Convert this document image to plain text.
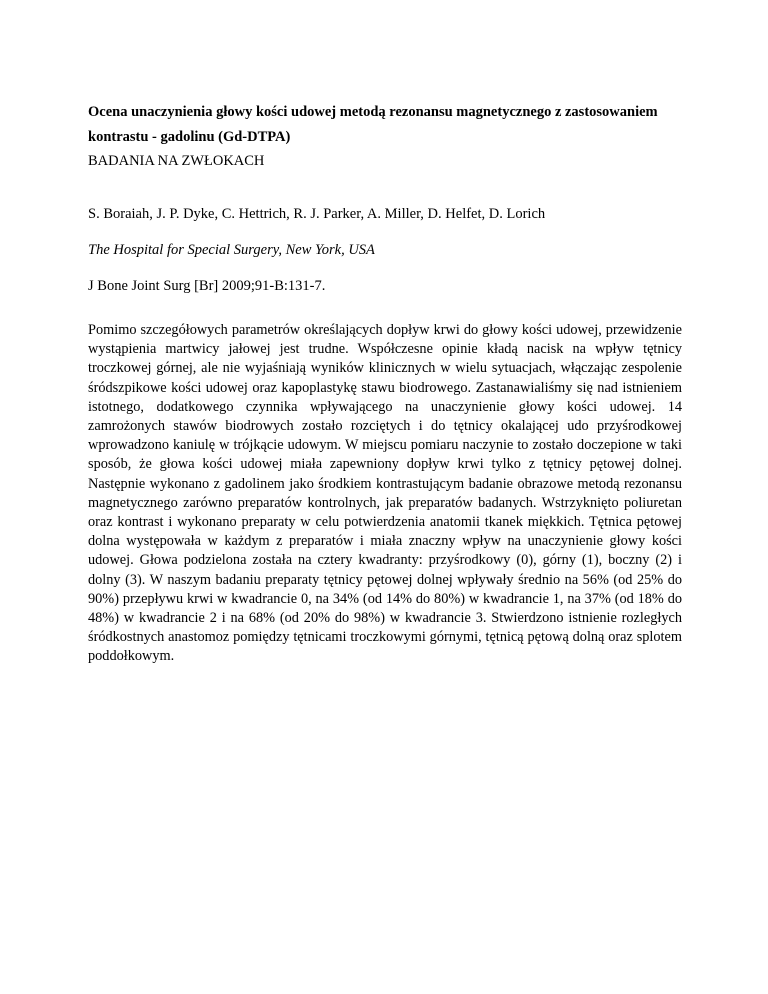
Ocena unaczynienia głowy kości udowej metodą rezonansu magnetycznego z zastosowaniem kontrastu - gadolinu (Gd-DTPA)

BADANIA NA ZWŁOKACH

S. Boraiah, J. P. Dyke, C. Hettrich, R. J. Parker, A. Miller, D. Helfet, D. Lorich

The Hospital for Special Surgery, New York, USA

J Bone Joint Surg [Br] 2009;91-B:131-7.

Pomimo szczegółowych parametrów określających dopływ krwi do głowy kości udowej, przewidzenie wystąpienia martwicy jałowej jest trudne. Współczesne opinie kładą nacisk na wpływ tętnicy troczkowej górnej, ale nie wyjaśniają wyników klinicznych w wielu sytuacjach, włączając zespolenie śródszpikowe kości udowej oraz kapoplastykę stawu biodrowego. Zastanawialiśmy się nad istnieniem istotnego, dodatkowego czynnika wpływającego na unaczynienie głowy kości udowej. 14 zamrożonych stawów biodrowych zostało rozciętych i do tętnicy okalającej udo przyśrodkowej wprowadzono kaniulę w trójkącie udowym. W miejscu pomiaru naczynie to zostało doczepione w taki sposób, że głowa kości udowej miała zapewniony dopływ krwi tylko z tętnicy pętowej dolnej. Następnie wykonano z gadolinem jako środkiem kontrastującym badanie obrazowe metodą rezonansu magnetycznego zarówno preparatów kontrolnych, jak preparatów badanych. Wstrzyknięto poliuretan oraz kontrast i wykonano preparaty w celu potwierdzenia anatomii tkanek miękkich. Tętnica pętowej dolna występowała w każdym z preparatów i miała znaczny wpływ na unaczynienie głowy kości udowej. Głowa podzielona została na cztery kwadranty: przyśrodkowy (0), górny (1), boczny (2) i dolny (3). W naszym badaniu preparaty tętnicy pętowej dolnej wpływały średnio na 56% (od 25% do 90%) przepływu krwi w kwadrancie 0, na 34% (od 14% do 80%) w kwadrancie 1, na 37% (od 18% do 48%) w kwadrancie 2 i na 68% (od 20% do 98%) w kwadrancie 3. Stwierdzono istnienie rozległych śródkostnych anastomoz pomiędzy tętnicami troczkowymi górnymi, tętnicą pętową dolną oraz splotem poddołkowym.
